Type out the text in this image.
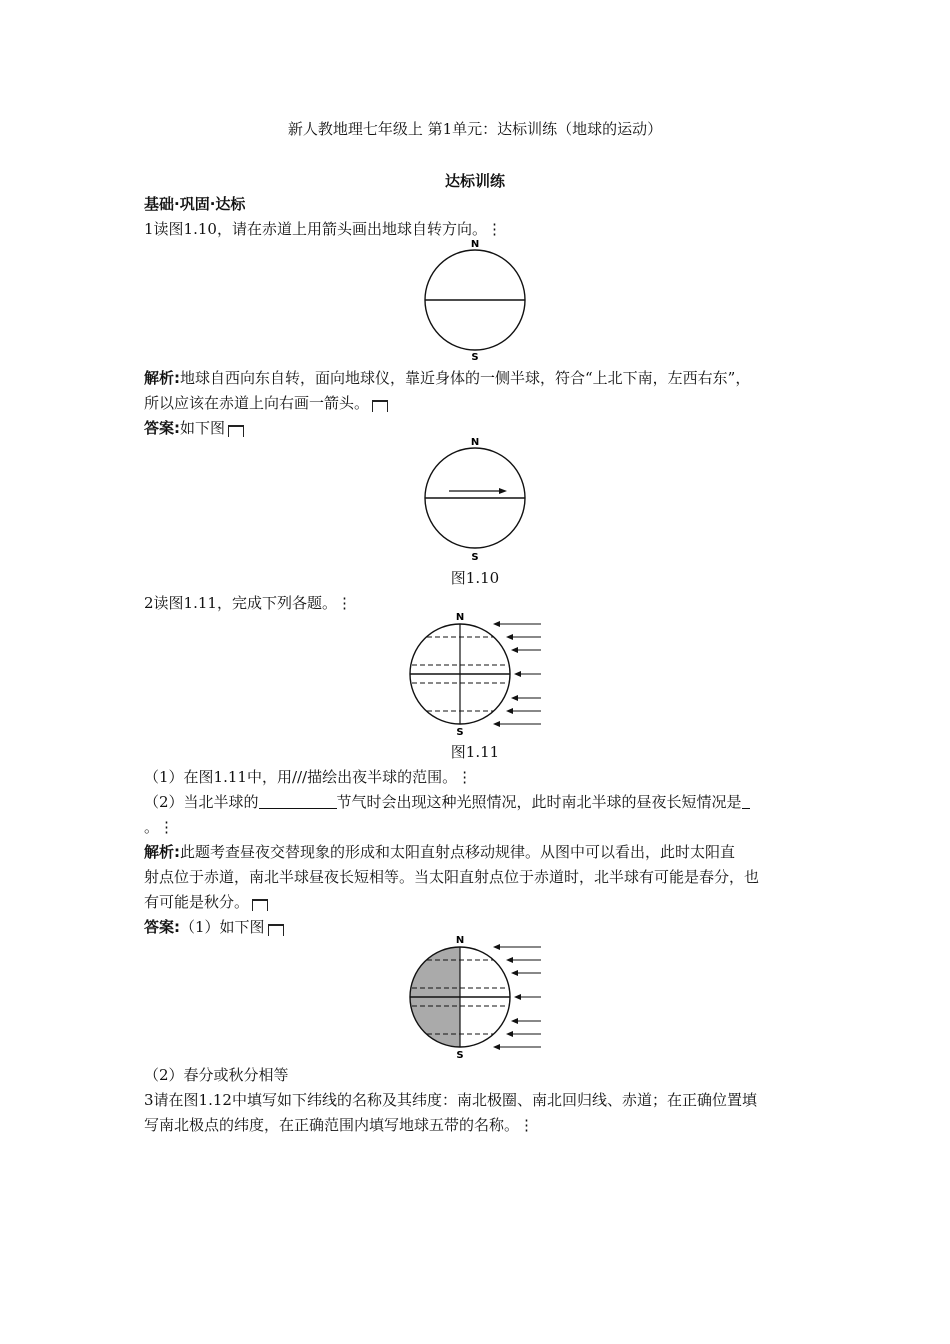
新人教地理七年级上 第1单元：达标训练（地球的运动）
达标训练
基础·巩固·达标
1读图1.10，请在赤道上用箭头画出地球自转方向。⋮
N
S
解析:地球自西向东自转，面向地球仪，靠近身体的一侧半球，符合“上北下南，左西右东”，
所以应该在赤道上向右画一箭头。
答案:如下图
N
S
图1.10
2读图1.11，完成下列各题。⋮
N
S
图1.11
（1）在图1.11中，用///描绘出夜半球的范围。⋮
（2）当北半球的	节气时会出现这种光照情况，此时南北半球的昼夜长短情况是
。⋮
解析:此题考查昼夜交替现象的形成和太阳直射点移动规律。从图中可以看出，此时太阳直
射点位于赤道，南北半球昼夜长短相等。当太阳直射点位于赤道时，北半球有可能是春分，也
有可能是秋分。
答案:（1）如下图
N
S
（2）春分或秋分相等
3请在图1.12中填写如下纬线的名称及其纬度：南北极圈、南北回归线、赤道；在正确位置填
写南北极点的纬度，在正确范围内填写地球五带的名称。⋮
